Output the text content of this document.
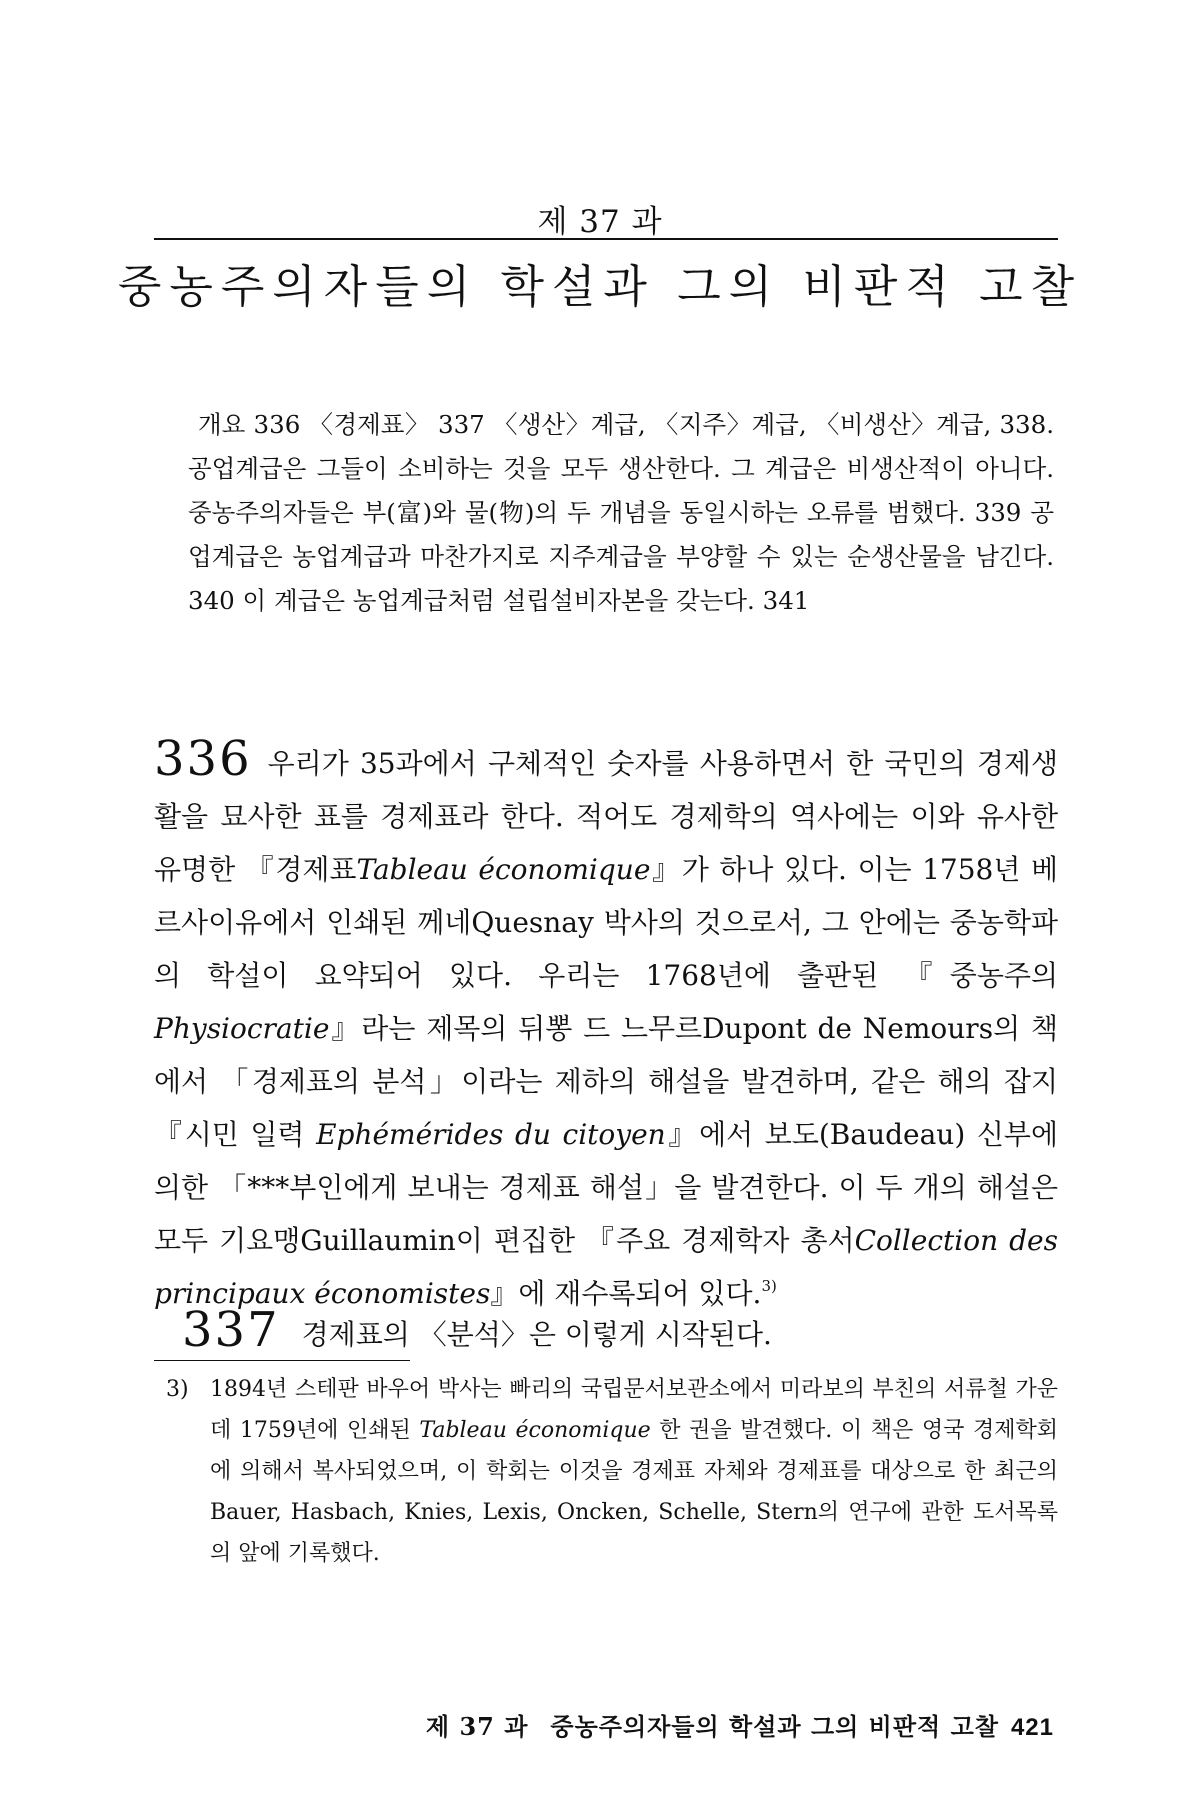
제 37 과
중농주의자들의 학설과 그의 비판적 고찰

개요 336 〈경제표〉 337 〈생산〉계급, 〈지주〉계급, 〈비생산〉계급, 338. 공업계급은 그들이 소비하는 것을 모두 생산한다. 그 계급은 비생산적이 아니다. 중농주의자들은 부(富)와 물(物)의 두 개념을 동일시하는 오류를 범했다. 339 공업계급은 농업계급과 마찬가지로 지주계급을 부양할 수 있는 순생산물을 남긴다. 340 이 계급은 농업계급처럼 설립설비자본을 갖는다. 341

336 우리가 35과에서 구체적인 숫자를 사용하면서 한 국민의 경제생활을 묘사한 표를 경제표라 한다. 적어도 경제학의 역사에는 이와 유사한 유명한 『경제표Tableau économique』가 하나 있다. 이는 1758년 베르사이유에서 인쇄된 께네Quesnay 박사의 것으로서, 그 안에는 중농학파의 학설이 요약되어 있다. 우리는 1768년에 출판된 『중농주의 Physiocratie』라는 제목의 뒤뽕 드 느무르Dupont de Nemours의 책에서 「경제표의 분석」이라는 제하의 해설을 발견하며, 같은 해의 잡지 『시민 일력 Ephémérides du citoyen』에서 보도(Baudeau) 신부에 의한 「***부인에게 보내는 경제표 해설」을 발견한다. 이 두 개의 해설은 모두 기요맹Guillaumin이 편집한 『주요 경제학자 총서Collection des principaux économistes』에 재수록되어 있다.$^{3)}$

337 경제표의 〈분석〉은 이렇게 시작된다.

3) 1894년 스테판 바우어 박사는 빠리의 국립문서보관소에서 미라보의 부친의 서류철 가운데 1759년에 인쇄된 Tableau économique 한 권을 발견했다. 이 책은 영국 경제학회에 의해서 복사되었으며, 이 학회는 이것을 경제표 자체와 경제표를 대상으로 한 최근의 Bauer, Hasbach, Knies, Lexis, Oncken, Schelle, Stern의 연구에 관한 도서목록의 앞에 기록했다.

제 37 과 중농주의자들의 학설과 그의 비판적 고찰 421
